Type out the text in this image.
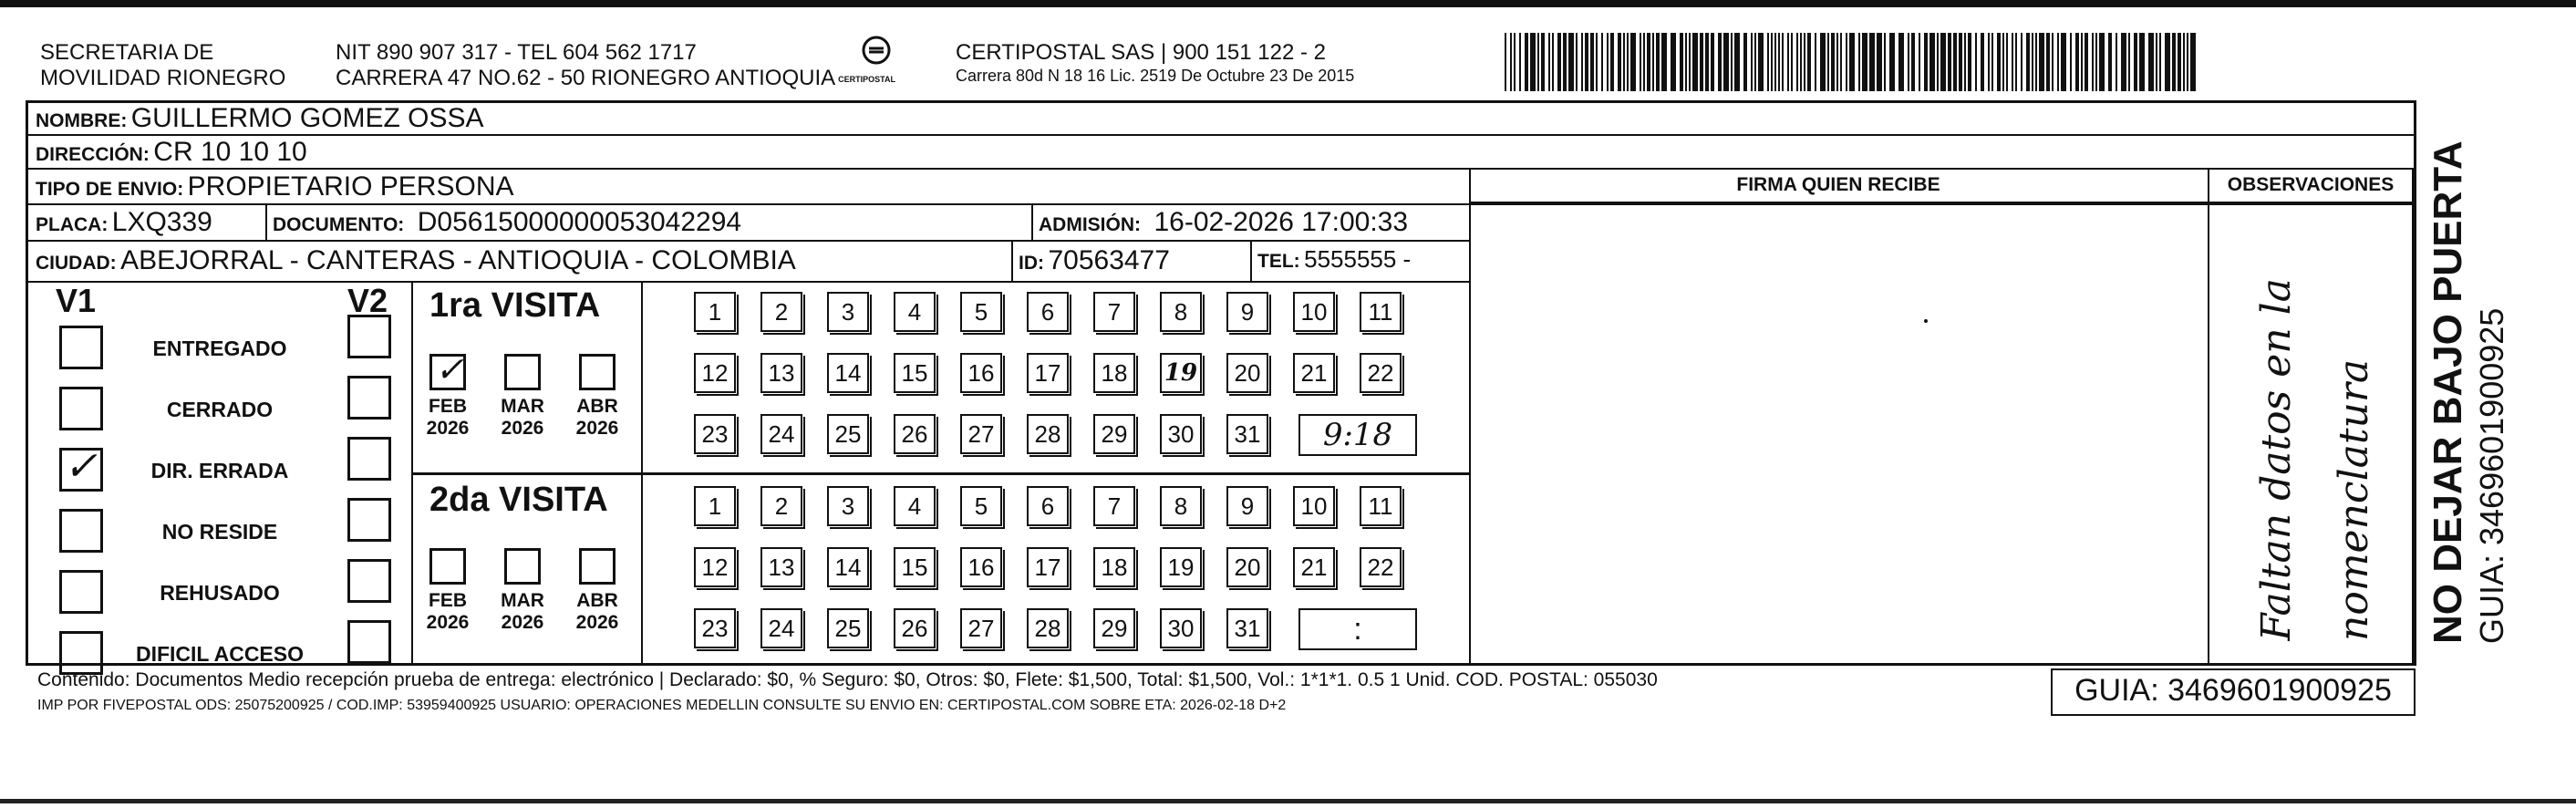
SECRETARIA DE
MOVILIDAD RIONEGRO
NIT 890 907 317 - TEL 604 562 1717
CARRERA 47 NO.62 - 50 RIONEGRO ANTIOQUIA CERTIPOSTAL
CERTIPOSTAL SAS | 900 151 122 - 2
Carrera 80d N 18 16 Lic. 2519 De Octubre 23 De 2015
NOMBRE: GUILLERMO GOMEZ OSSA
DIRECCIÓN: CR 10 10 10
TIPO DE ENVIO: PROPIETARIO PERSONA
PLACA: LXQ339	DOCUMENTO: D05615000000053042294	ADMISIÓN: 16-02-2026 17:00:33
CIUDAD: ABEJORRAL - CANTERAS - ANTIOQUIA - COLOMBIA	ID: 70563477	TEL: 5555555 -
FIRMA QUIEN RECIBE	OBSERVACIONES
V1	V2
ENTREGADO
CERRADO
✓	DIR. ERRADA
NO RESIDE
REHUSADO
DIFICIL ACCESO
1ra VISITA
✓
FEB
2026
MAR
2026
ABR
2026
1	2	3	4	5	6	7	8	9	10	11
12	13	14	15	16	17	18	19	20	21	22
23	24	25	26	27	28	29	30	31	9:18
2da VISITA
FEB
2026
MAR
2026
ABR
2026
1	2	3	4	5	6	7	8	9	10	11
12	13	14	15	16	17	18	19	20	21	22
23	24	25	26	27	28	29	30	31	:	Faltan datos en la nomenclatura
Contenido: Documentos Medio recepción prueba de entrega: electrónico | Declarado: $0, % Seguro: $0, Otros: $0, Flete: $1,500, Total: $1,500, Vol.: 1*1*1. 0.5 1 Unid. COD. POSTAL: 055030
IMP POR FIVEPOSTAL ODS: 25075200925 / COD.IMP: 53959400925 USUARIO: OPERACIONES MEDELLIN CONSULTE SU ENVIO EN: CERTIPOSTAL.COM SOBRE ETA: 2026-02-18 D+2	GUIA: 3469601900925
NO DEJAR BAJO PUERTA GUIA: 3469601900925
